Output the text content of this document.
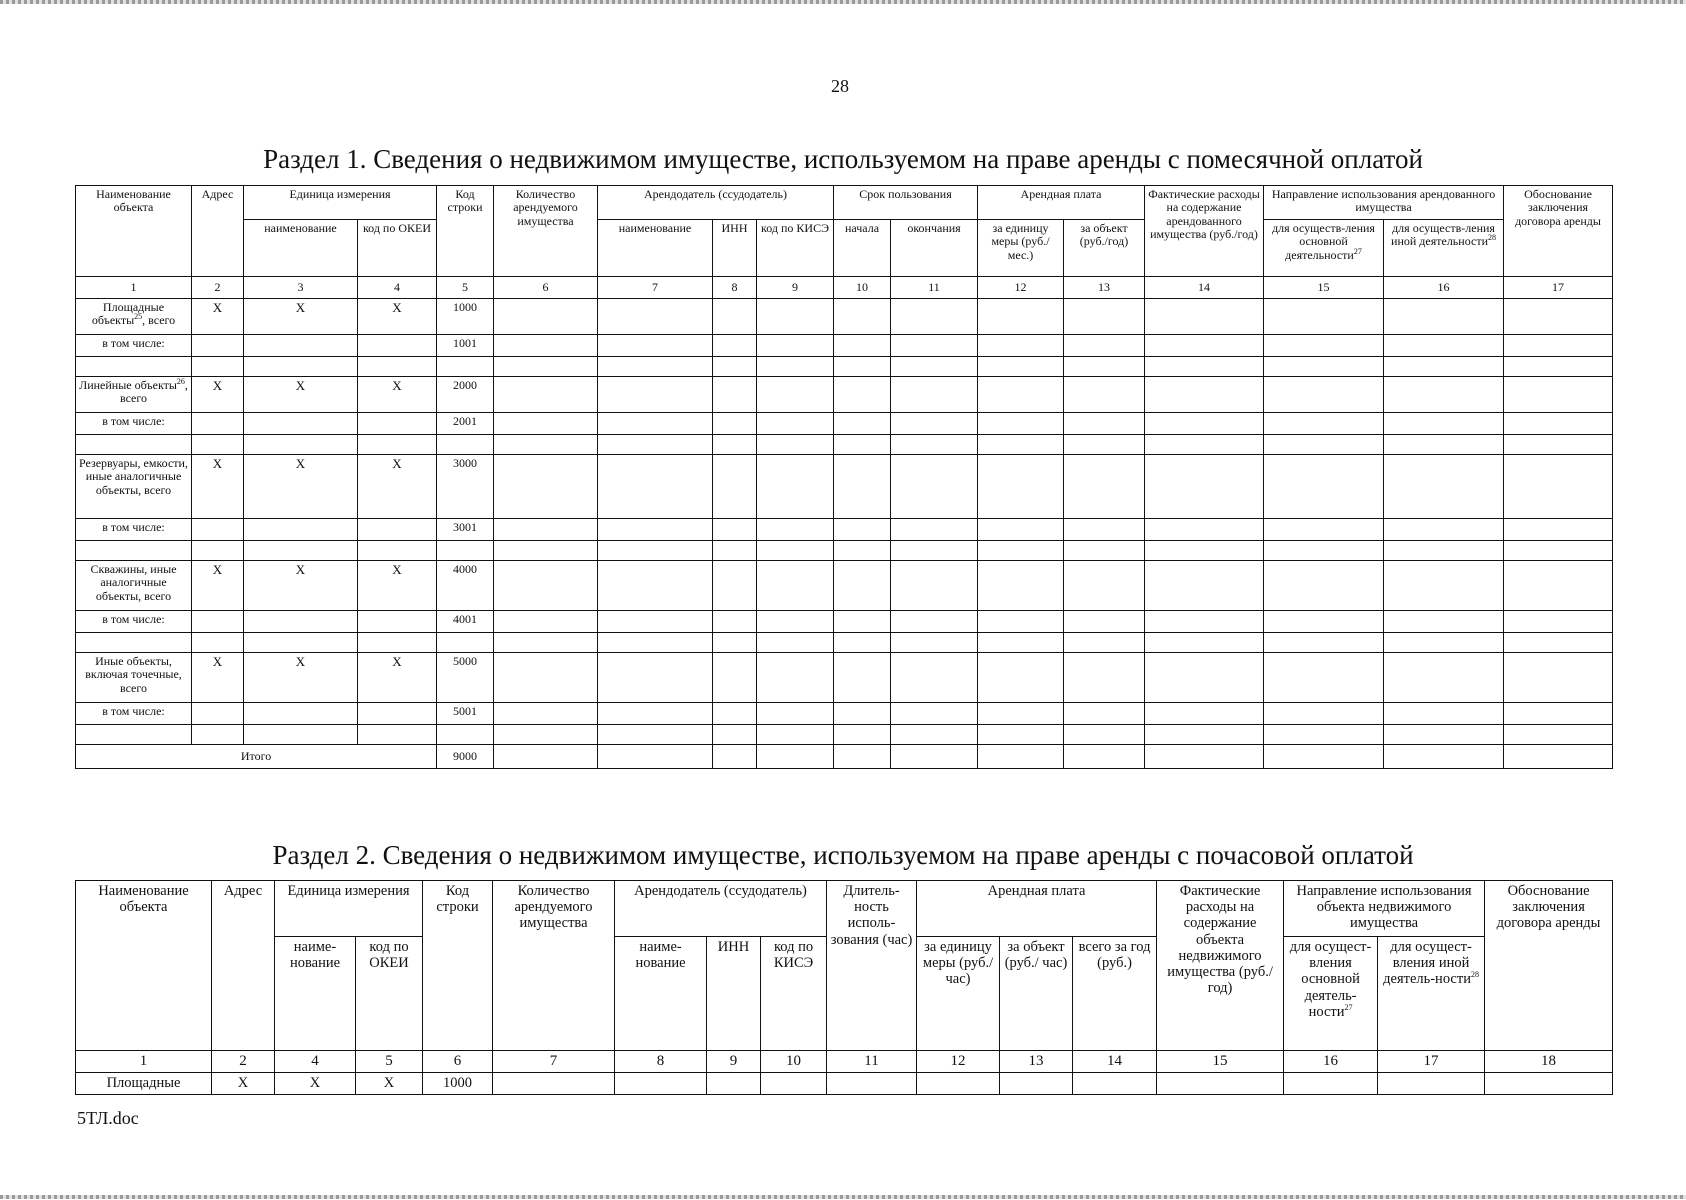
28
Раздел 1. Сведения о недвижимом имуществе, используемом на праве аренды с помесячной оплатой
Наименование объекта	Адрес	Единица измерения		Код строки	Количество арендуемого имущества	Арендодатель (ссудодатель)			Срок пользования		Арендная плата		Фактические расходы на содержание арендованного имущества (руб./год)	Направление использования арендованного имущества		Обоснование заключения договора аренды
		наименование	код по ОКЕИ			наименование	ИНН	код по КИСЭ	начала	окончания	за единицу меры (руб./мес.)	за объект (руб./год)		для осуществ-ления основной деятельности$^{27}$	для осуществ-ления иной деятельности$^{28}$
1	2	3	4	5	6	7	8	9	10	11	12	13	14	15	16	17
Площадные объекты$^{25}$, всего	X	X	X	1000												
в том числе:				1001												

Линейные объекты$^{26}$, всего	X	X	X	2000												
в том числе:				2001												

Резервуары, емкости, иные аналогичные объекты, всего	X	X	X	3000												
в том числе:				3001												

Скважины, иные аналогичные объекты, всего	X	X	X	4000												
в том числе:				4001												

Иные объекты, включая точечные, всего	X	X	X	5000												
в том числе:				5001												

Итого				9000												
Раздел 2. Сведения о недвижимом имуществе, используемом на праве аренды с почасовой оплатой
Наименование объекта	Адрес	Единица измерения		Код строки	Количество арендуемого имущества	Арендодатель (ссудодатель)			Длитель-ность исполь-зования (час)	Арендная плата			Фактические расходы на содержание объекта недвижимого имущества (руб./ год)	Направление использования объекта недвижимого имущества		Обоснование заключения договора аренды
		наиме-нование	код по ОКЕИ			наиме-нование	ИНН	код по КИСЭ		за единицу меры (руб./ час)	за объект (руб./ час)	всего за год (руб.)		для осущест-вления основной деятель-ности$^{27}$	для осущест-вления иной деятель-ности$^{28}$
1	2	4	5	6	7	8	9	10	11	12	13	14	15	16	17	18
Площадные	X	X	X	1000												
5ТЛ.doc
